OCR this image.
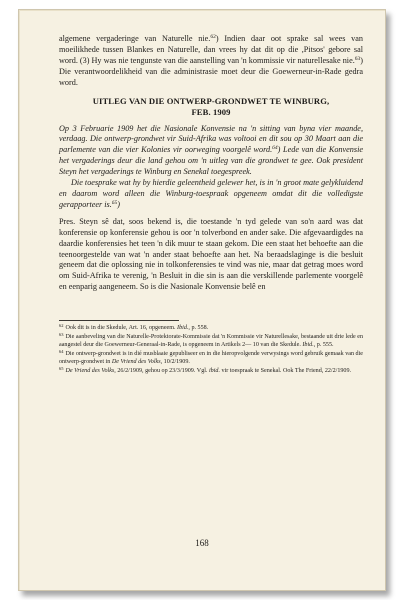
algemene vergaderinge van Naturelle nie.$^{62}$) Indien daar oot sprake sal wees van moeilikhede tussen Blankes en Naturelle, dan vrees hy dat dit op die ,Pitsos' gebore sal word. (3) Hy was nie tengunste van die aanstelling van 'n kommissie vir naturellesake nie.$^{63}$) Die verantwoordelikheid van die administrasie moet deur die Goewerneur-in-Rade gedra word.

UITLEG VAN DIE ONTWERP-GRONDWET TE WINBURG,
FEB. 1909

Op 3 Februarie 1909 het die Nasionale Konvensie na 'n sitting van byna vier maande, verdaag. Die ontwerp-grondwet vir Suid-Afrika was voltooi en dit sou op 30 Maart aan die parlemente van die vier Kolonies vir oorweging voorgelê word.$^{64}$) Lede van die Konvensie het vergaderings deur die land gehou om 'n uitleg van die grondwet te gee. Ook president Steyn het vergaderings te Winburg en Senekal toegespreek.

Die toesprake wat hy by hierdie geleentheid gelewer het, is in 'n groot mate gelykluidend en daarom word alleen die Winburg-toespraak opgeneem omdat dit die volledigste gerapporteer is.$^{65}$)

Pres. Steyn sê dat, soos bekend is, die toestande 'n tyd gelede van so'n aard was dat konferensie op konferensie gehou is oor 'n tolverbond en ander sake. Die afgevaardigdes na daardie konferensies het teen 'n dik muur te staan gekom. Die een staat het behoefte aan die teenoorgestelde van wat 'n ander staat behoefte aan het. Na beraadslaginge is die besluit geneem dat die oplossing nie in tolkonferensies te vind was nie, maar dat getrag moes word om Suid-Afrika te verenig, 'n Besluit in die sin is aan die verskillende parlemente voorgelê en eenparig aangeneem. So is die Nasionale Konvensie belê en

$^{62}$ Ook dit is in die Skedule, Art. 16, opgeneem. Ibid., p. 558.

$^{63}$ Die aanbeveling van die Naturelle-Protektorate-Kommissie dat 'n Kommissie vir Naturellesake, bestaande uit drie lede en aangestel deur die Goewerneur-Generaal-in-Rade, is opgeneem in Artikels 2— 10 van die Skedule. Ibid., p. 555.

$^{64}$ Die ontwerp-grondwet is in dié musblaaie gepubliseer en in die hieropvolgende verwysings word gebruik gemaak van die ontwerp-grondwet in De Vriend des Volks, 10/2/1909.

$^{65}$ De Vriend des Volks, 26/2/1909, gehou op 23/3/1909. Vgl. ibid. vir toespraak te Senekal. Ook The Friend, 22/2/1909.

168
